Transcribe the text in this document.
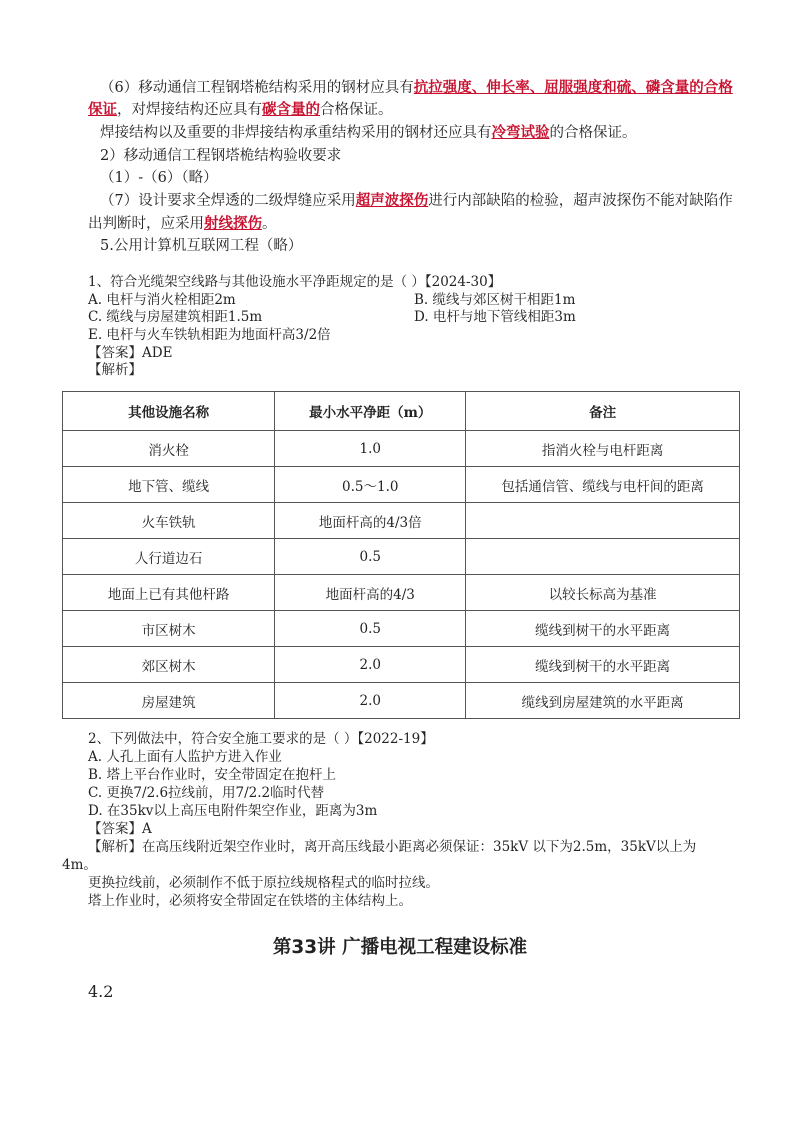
（6）移动通信工程钢塔桅结构采用的钢材应具有抗拉强度、伸长率、屈服强度和硫、磷含量的合格
保证，对焊接结构还应具有碳含量的合格保证。
焊接结构以及重要的非焊接结构承重结构采用的钢材还应具有冷弯试验的合格保证。
2）移动通信工程钢塔桅结构验收要求
（1）-（6）（略）
（7）设计要求全焊透的二级焊缝应采用超声波探伤进行内部缺陷的检验，超声波探伤不能对缺陷作
出判断时，应采用射线探伤。
5.公用计算机互联网工程（略）
1、符合光缆架空线路与其他设施水平净距规定的是（ ）【2024-30】
A. 电杆与消火栓相距2m	B. 缆线与郊区树干相距1m
C. 缆线与房屋建筑相距1.5m	D. 电杆与地下管线相距3m
E. 电杆与火车铁轨相距为地面杆高3/2倍
【答案】ADE
【解析】
其他设施名称	最小水平净距（m）	备注
消火栓	1.0	指消火栓与电杆距离
地下管、缆线	0.5～1.0	包括通信管、缆线与电杆间的距离
火车铁轨	地面杆高的4/3倍	
人行道边石	0.5	
地面上已有其他杆路	地面杆高的4/3	以较长标高为基准
市区树木	0.5	缆线到树干的水平距离
郊区树木	2.0	缆线到树干的水平距离
房屋建筑	2.0	缆线到房屋建筑的水平距离
2、下列做法中，符合安全施工要求的是（ ）【2022-19】
A. 人孔上面有人监护方进入作业
B. 塔上平台作业时，安全带固定在抱杆上
C. 更换7/2.6拉线前，用7/2.2临时代替
D. 在35kv以上高压电附件架空作业，距离为3m
【答案】A
【解析】在高压线附近架空作业时，离开高压线最小距离必须保证：35kV 以下为2.5m，35kV以上为
4m。
更换拉线前，必须制作不低于原拉线规格程式的临时拉线。
塔上作业时，必须将安全带固定在铁塔的主体结构上。
第33讲 广播电视工程建设标准
4.2
